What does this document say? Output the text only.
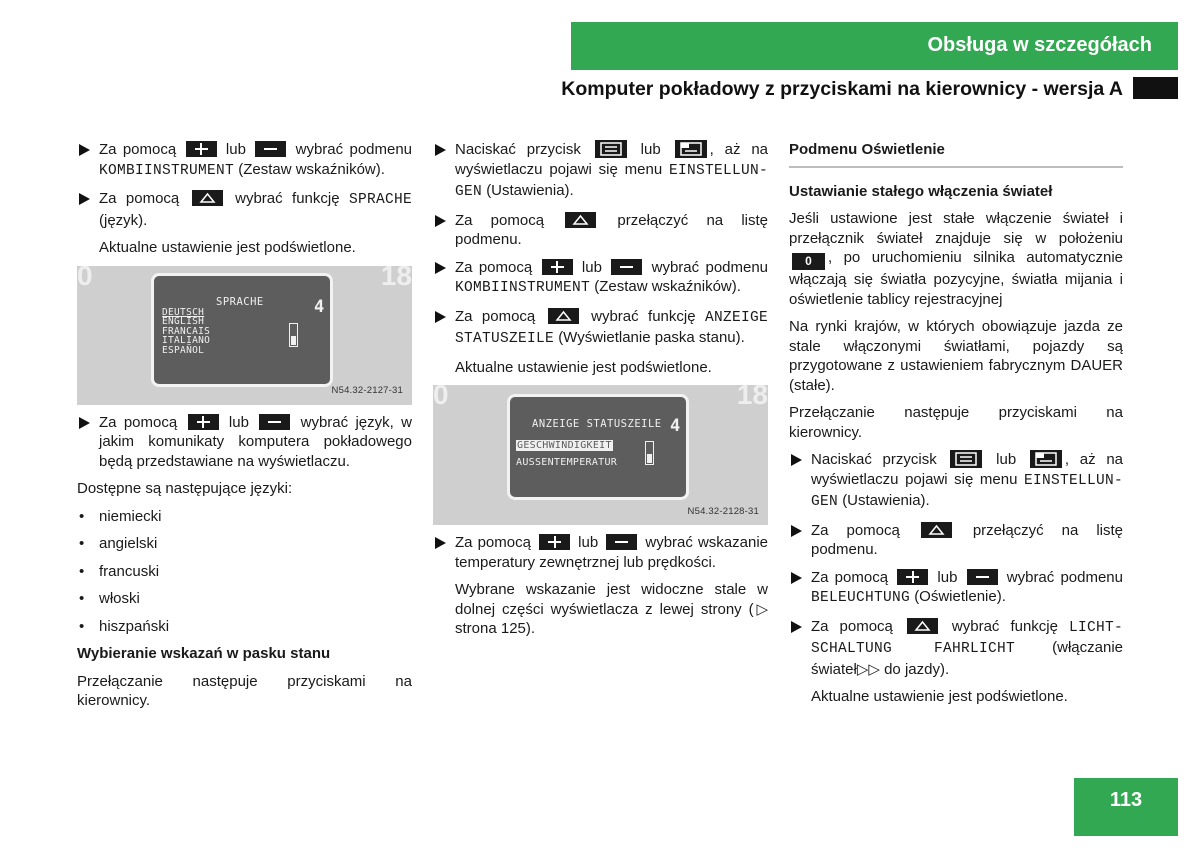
Obsługa w szczegółach
Komputer pokładowy z przyciskami na kierownicy - wersja A
Za pomocą	lub	wybrać podmenu KOMBIINSTRUMENT (Zestaw wskaźników).
Za pomocą	wybrać funkcję SPRACHE (język).

Aktualne ustawienie jest podświetlone.

0	18
SPRACHE	4
DEUTSCH
ENGLISH
FRANCAIS
ITALIANO
ESPAÑOL
N54.32-2127-31
Za pomocą	lub	wybrać język, w jakim komunikaty komputera pokładowego będą przedstawiane na wyświetlaczu.

Dostępne są następujące języki:

• niemiecki
• angielski
• francuski
• włoski
• hiszpański

Wybieranie wskazań w pasku stanu

Przełączanie następuje przyciskami na kierownicy.

Naciskać przycisk	lub	, aż na wyświetlaczu pojawi się menu EINSTELLUN-GEN (Ustawienia).
Za pomocą	przełączyć na listę podmenu.
Za pomocą	lub	wybrać podmenu KOMBIINSTRUMENT (Zestaw wskaźników).
Za pomocą	wybrać funkcję ANZEIGE STATUSZEILE (Wyświetlanie paska stanu).

Aktualne ustawienie jest podświetlone.

0	18
ANZEIGE STATUSZEILE 4
GESCHWINDIGKEIT
AUSSENTEMPERATUR
N54.32-2128-31
Za pomocą	lub	wybrać wskazanie temperatury zewnętrznej lub prędkości.

Wybrane wskazanie jest widoczne stale w dolnej części wyświetlacza z lewej strony (▷ strona 125).

Podmenu Oświetlenie

Ustawianie stałego włączenia świateł

Jeśli ustawione jest stałe włączenie świateł i przełącznik świateł znajduje się w położeniu 0 , po uruchomieniu silnika automatycznie włączają się światła pozycyjne, światła mijania i oświetlenie tablicy rejestracyjnej

Na rynki krajów, w których obowiązuje jazda ze stale włączonymi światłami, pojazdy są przygotowane z ustawieniem fabrycznym DAUER (stałe).

Przełączanie następuje przyciskami na kierownicy.

Naciskać przycisk	lub	, aż na wyświetlaczu pojawi się menu EINSTELLUN-GEN (Ustawienia).
Za pomocą	przełączyć na listę podmenu.
Za pomocą	lub	wybrać podmenu BELEUCHTUNG (Oświetlenie).
Za pomocą	wybrać funkcję LICHT-SCHALTUNG FAHRLICHT (włączanie świateł▷▷ do jazdy).

Aktualne ustawienie jest podświetlone.

113
